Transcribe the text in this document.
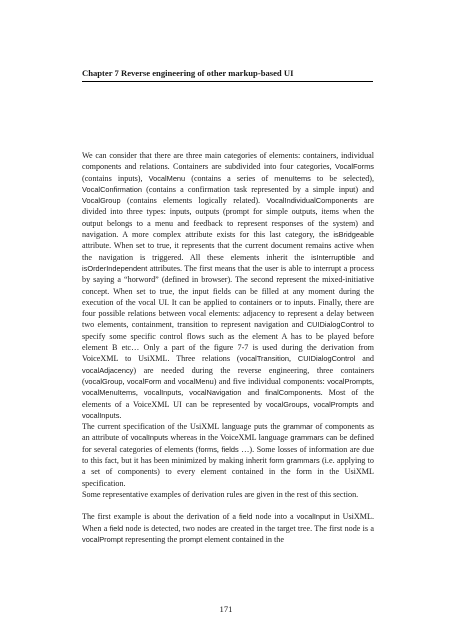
Chapter 7 Reverse engineering of other markup-based UI

We can consider that there are three main categories of elements: containers, individual components and relations. Containers are subdivided into four categories, VocalForms (contains inputs), VocalMenu (contains a series of menuItems to be selected), VocalConfirmation (contains a confirmation task represented by a simple input) and VocalGroup (contains elements logically related). VocalIndividualComponents are divided into three types: inputs, outputs (prompt for simple outputs, items when the output belongs to a menu and feedback to represent responses of the system) and navigation. A more complex attribute exists for this last category, the isBridgeable attribute. When set to true, it represents that the current document remains active when the navigation is triggered. All these elements inherit the isInterruptible and isOrderIndependent attributes. The first means that the user is able to interrupt a process by saying a “horword” (defined in browser). The second represent the mixed-initiative concept. When set to true, the input fields can be filled at any moment during the execution of the vocal UI. It can be applied to containers or to inputs. Finally, there are four possible relations between vocal elements: adjacency to represent a delay between two elements, containment, transition to represent navigation and CUIDialogControl to specify some specific control flows such as the element A has to be played before element B etc… Only a part of the figure 7-7 is used during the derivation from VoiceXML to UsiXML. Three relations (vocalTransition, CUIDialogControl and vocalAdjacency) are needed during the reverse engineering, three containers (vocalGroup, vocalForm and vocalMenu) and five individual components: vocalPrompts, vocalMenuItems, vocalInputs, vocalNavigation and finalComponents. Most of the elements of a VoiceXML UI can be represented by vocalGroups, vocalPrompts and vocalInputs.

The current specification of the UsiXML language puts the grammar of components as an attribute of vocalInputs whereas in the VoiceXML language grammars can be defined for several categories of elements (forms, fields …). Some losses of information are due to this fact, but it has been minimized by making inherit form grammars (i.e. applying to a set of components) to every element contained in the form in the UsiXML specification.

Some representative examples of derivation rules are given in the rest of this section.

The first example is about the derivation of a field node into a vocalInput in UsiXML. When a field node is detected, two nodes are created in the target tree. The first node is a vocalPrompt representing the prompt element contained in the

171
